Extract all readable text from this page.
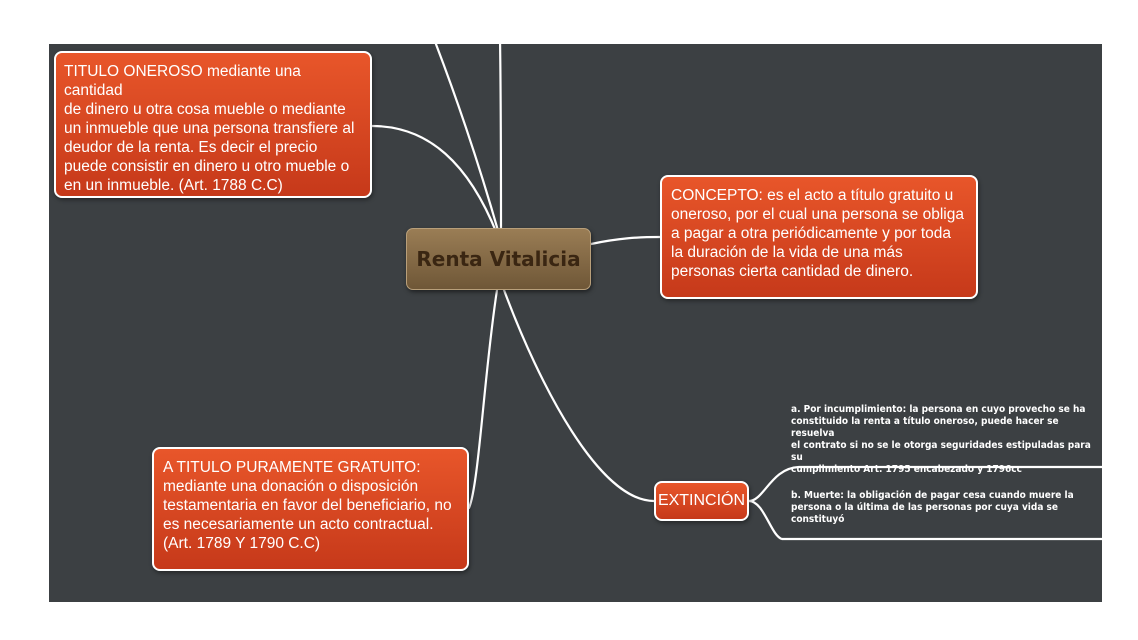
TITULO ONEROSO mediante una cantidad
de dinero u otra cosa mueble o mediante
un inmueble que una persona transfiere al
deudor de la renta. Es decir el precio
puede consistir en dinero u otro mueble o
en un inmueble. (Art. 1788 C.C)
Renta Vitalicia
CONCEPTO: es el acto a título gratuito u
oneroso, por el cual una persona se obliga
a pagar a otra periódicamente y por toda
la duración de la vida de una más
personas cierta cantidad de dinero.
A TITULO PURAMENTE GRATUITO:
mediante una donación o disposición
testamentaria en favor del beneficiario, no
es necesariamente un acto contractual.
(Art. 1789 Y 1790 C.C)
EXTINCIÓN
a. Por incumplimiento: la persona en cuyo provecho se ha
constituido la renta a título oneroso, puede hacer se resuelva
el contrato si no se le otorga seguridades estipuladas para su
cumplimiento Art. 1795 encabezado y 1796cc
b. Muerte: la obligación de pagar cesa cuando muere la
persona o la última de las personas por cuya vida se
constituyó
